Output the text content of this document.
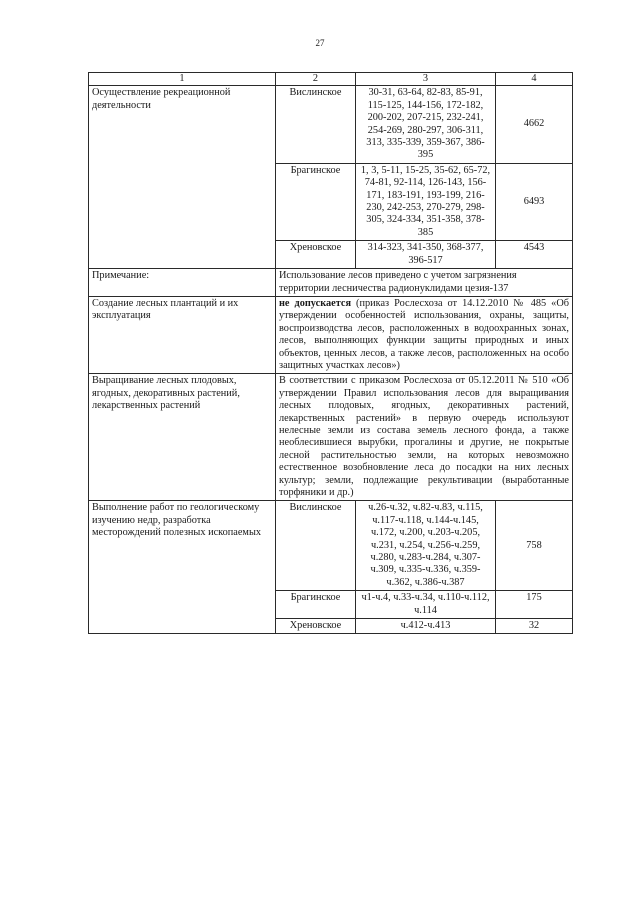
27
1	2	3	4
Осуществление рекреационной деятельности	Вислинское	30-31, 63-64, 82-83, 85-91, 115-125, 144-156, 172-182, 200-202, 207-215, 232-241, 254-269, 280-297, 306-311, 313, 335-339, 359-367, 386-395	4662
	Брагинское	1, 3, 5-11, 15-25, 35-62, 65-72, 74-81, 92-114, 126-143, 156-171, 183-191, 193-199, 216-230, 242-253, 270-279, 298-305, 324-334, 351-358, 378-385	6493
	Хреновское	314-323, 341-350, 368-377, 396-517	4543
Примечание:	Использование лесов приведено с учетом загрязнения территории лесничества радионуклидами цезия-137		
Создание лесных плантаций и их эксплуатация	не допускается (приказ Рослесхоза от 14.12.2010 № 485 «Об утверждении особенностей использования, охраны, защиты, воспроизводства лесов, расположенных в водоохранных зонах, лесов, выполняющих функции защиты природных и иных объектов, ценных лесов, а также лесов, расположенных на особо защитных участках лесов»)		
Выращивание лесных плодовых, ягодных, декоративных растений, лекарственных растений	В соответствии с приказом Рослесхоза от 05.12.2011 № 510 «Об утверждении Правил использования лесов для выращивания лесных плодовых, ягодных, декоративных растений, лекарственных растений» в первую очередь используют нелесные земли из состава земель лесного фонда, а также необлесившиеся вырубки, прогалины и другие, не покрытые лесной растительностью земли, на которых невозможно естественное возобновление леса до посадки на них лесных культур; земли, подлежащие рекультивации (выработанные торфяники и др.)		
Выполнение работ по геологическому изучению недр, разработка месторождений полезных ископаемых	Вислинское	ч.26-ч.32, ч.82-ч.83, ч.115, ч.117-ч.118, ч.144-ч.145, ч.172, ч.200, ч.203-ч.205, ч.231, ч.254, ч.256-ч.259, ч.280, ч.283-ч.284, ч.307-ч.309, ч.335-ч.336, ч.359-ч.362, ч.386-ч.387	758
	Брагинское	ч1-ч.4, ч.33-ч.34, ч.110-ч.112, ч.114	175
	Хреновское	ч.412-ч.413	32
